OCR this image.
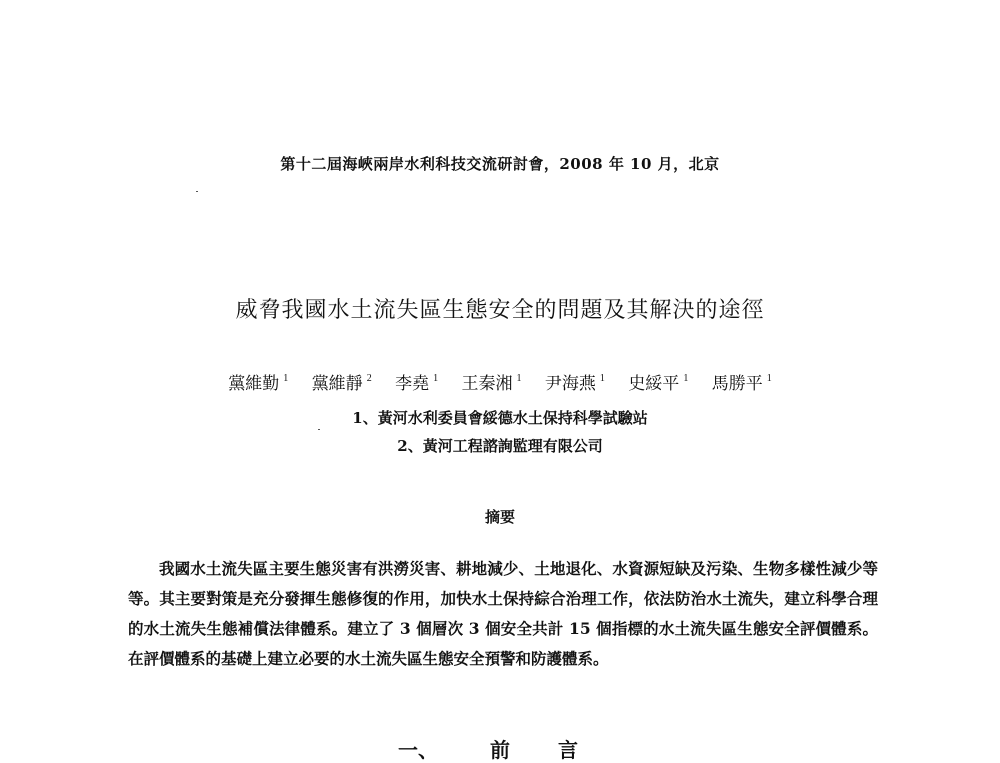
第十二屆海峽兩岸水利科技交流研討會，2008 年 10 月，北京
威脅我國水土流失區生態安全的問題及其解決的途徑
黨維勤 $^1$ 黨維靜 $^2$ 李堯 $^1$ 王秦湘 $^1$ 尹海燕 $^1$ 史綏平 $^1$ 馬勝平 $^1$
1、黃河水利委員會綏德水土保持科學試驗站
2、黃河工程諮詢監理有限公司
摘要

我國水土流失區主要生態災害有洪澇災害、耕地減少、土地退化、水資源短缺及污染、生物多樣性減少等等。其主要對策是充分發揮生態修復的作用，加快水土保持綜合治理工作，依法防治水土流失，建立科學合理的水土流失生態補償法律體系。建立了 3 個層次 3 個安全共計 15 個指標的水土流失區生態安全評價體系。在評價體系的基礎上建立必要的水土流失區生態安全預警和防護體系。

一、	前 言
